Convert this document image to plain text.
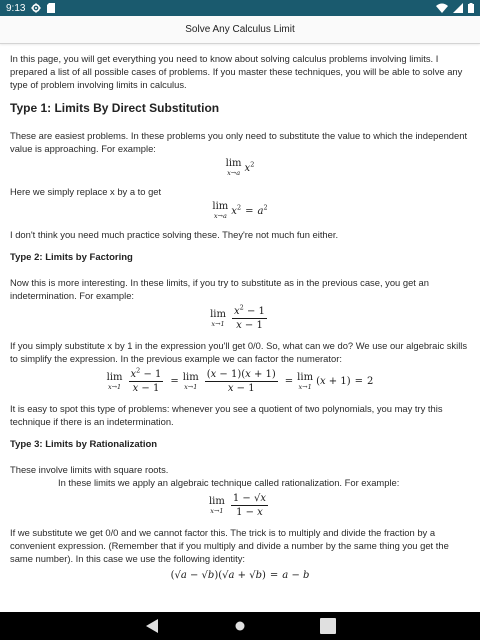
9:13
Solve Any Calculus Limit

In this page, you will get everything you need to know about solving calculus problems involving limits. I prepared a list of all possible cases of problems. If you master these techniques, you will be able to solve any type of problem involving limits in calculus.

Type 1: Limits By Direct Substitution

These are easiest problems. In these problems you only need to substitute the value to which the independent value is approaching. For example:

lim
x→a $x^2$

Here we simply replace x by a to get

lim
x→a $x^2 = a^2$

I don't think you need much practice solving these. They're not much fun either.

Type 2: Limits by Factoring

Now this is more interesting. In these limits, if you try to substitute as in the previous case, you get an indetermination. For example:

lim
$x\to 1 \frac{x^2 - 1}{x - 1}$

If you simply substitute x by 1 in the expression you'll get 0/0. So, what can we do? We use our algebraic skills to simplify the expression. In the previous example we can factor the numerator:

lim
$x\to 1 \frac{x^2 - 1}{x - 1} = \lim$
$x\to 1 \frac{(x - 1)(x + 1)}{x - 1} = \lim$
x→1 (x + 1) = 2

It is easy to spot this type of problems: whenever you see a quotient of two polynomials, you may try this technique if there is an indetermination.

Type 3: Limits by Rationalization

These involve limits with square roots.

In these limits we apply an algebraic technique called rationalization. For example:

lim
$x\to 1 \frac{1 - √x}{1 - x}$

If we substitute we get 0/0 and we cannot factor this. The trick is to multiply and divide the fraction by a convenient expression. (Remember that if you multiply and divide a number by the same thing you get the same number). In this case we use the following identity:

(√a − √b)(√a + √b) = a − b
